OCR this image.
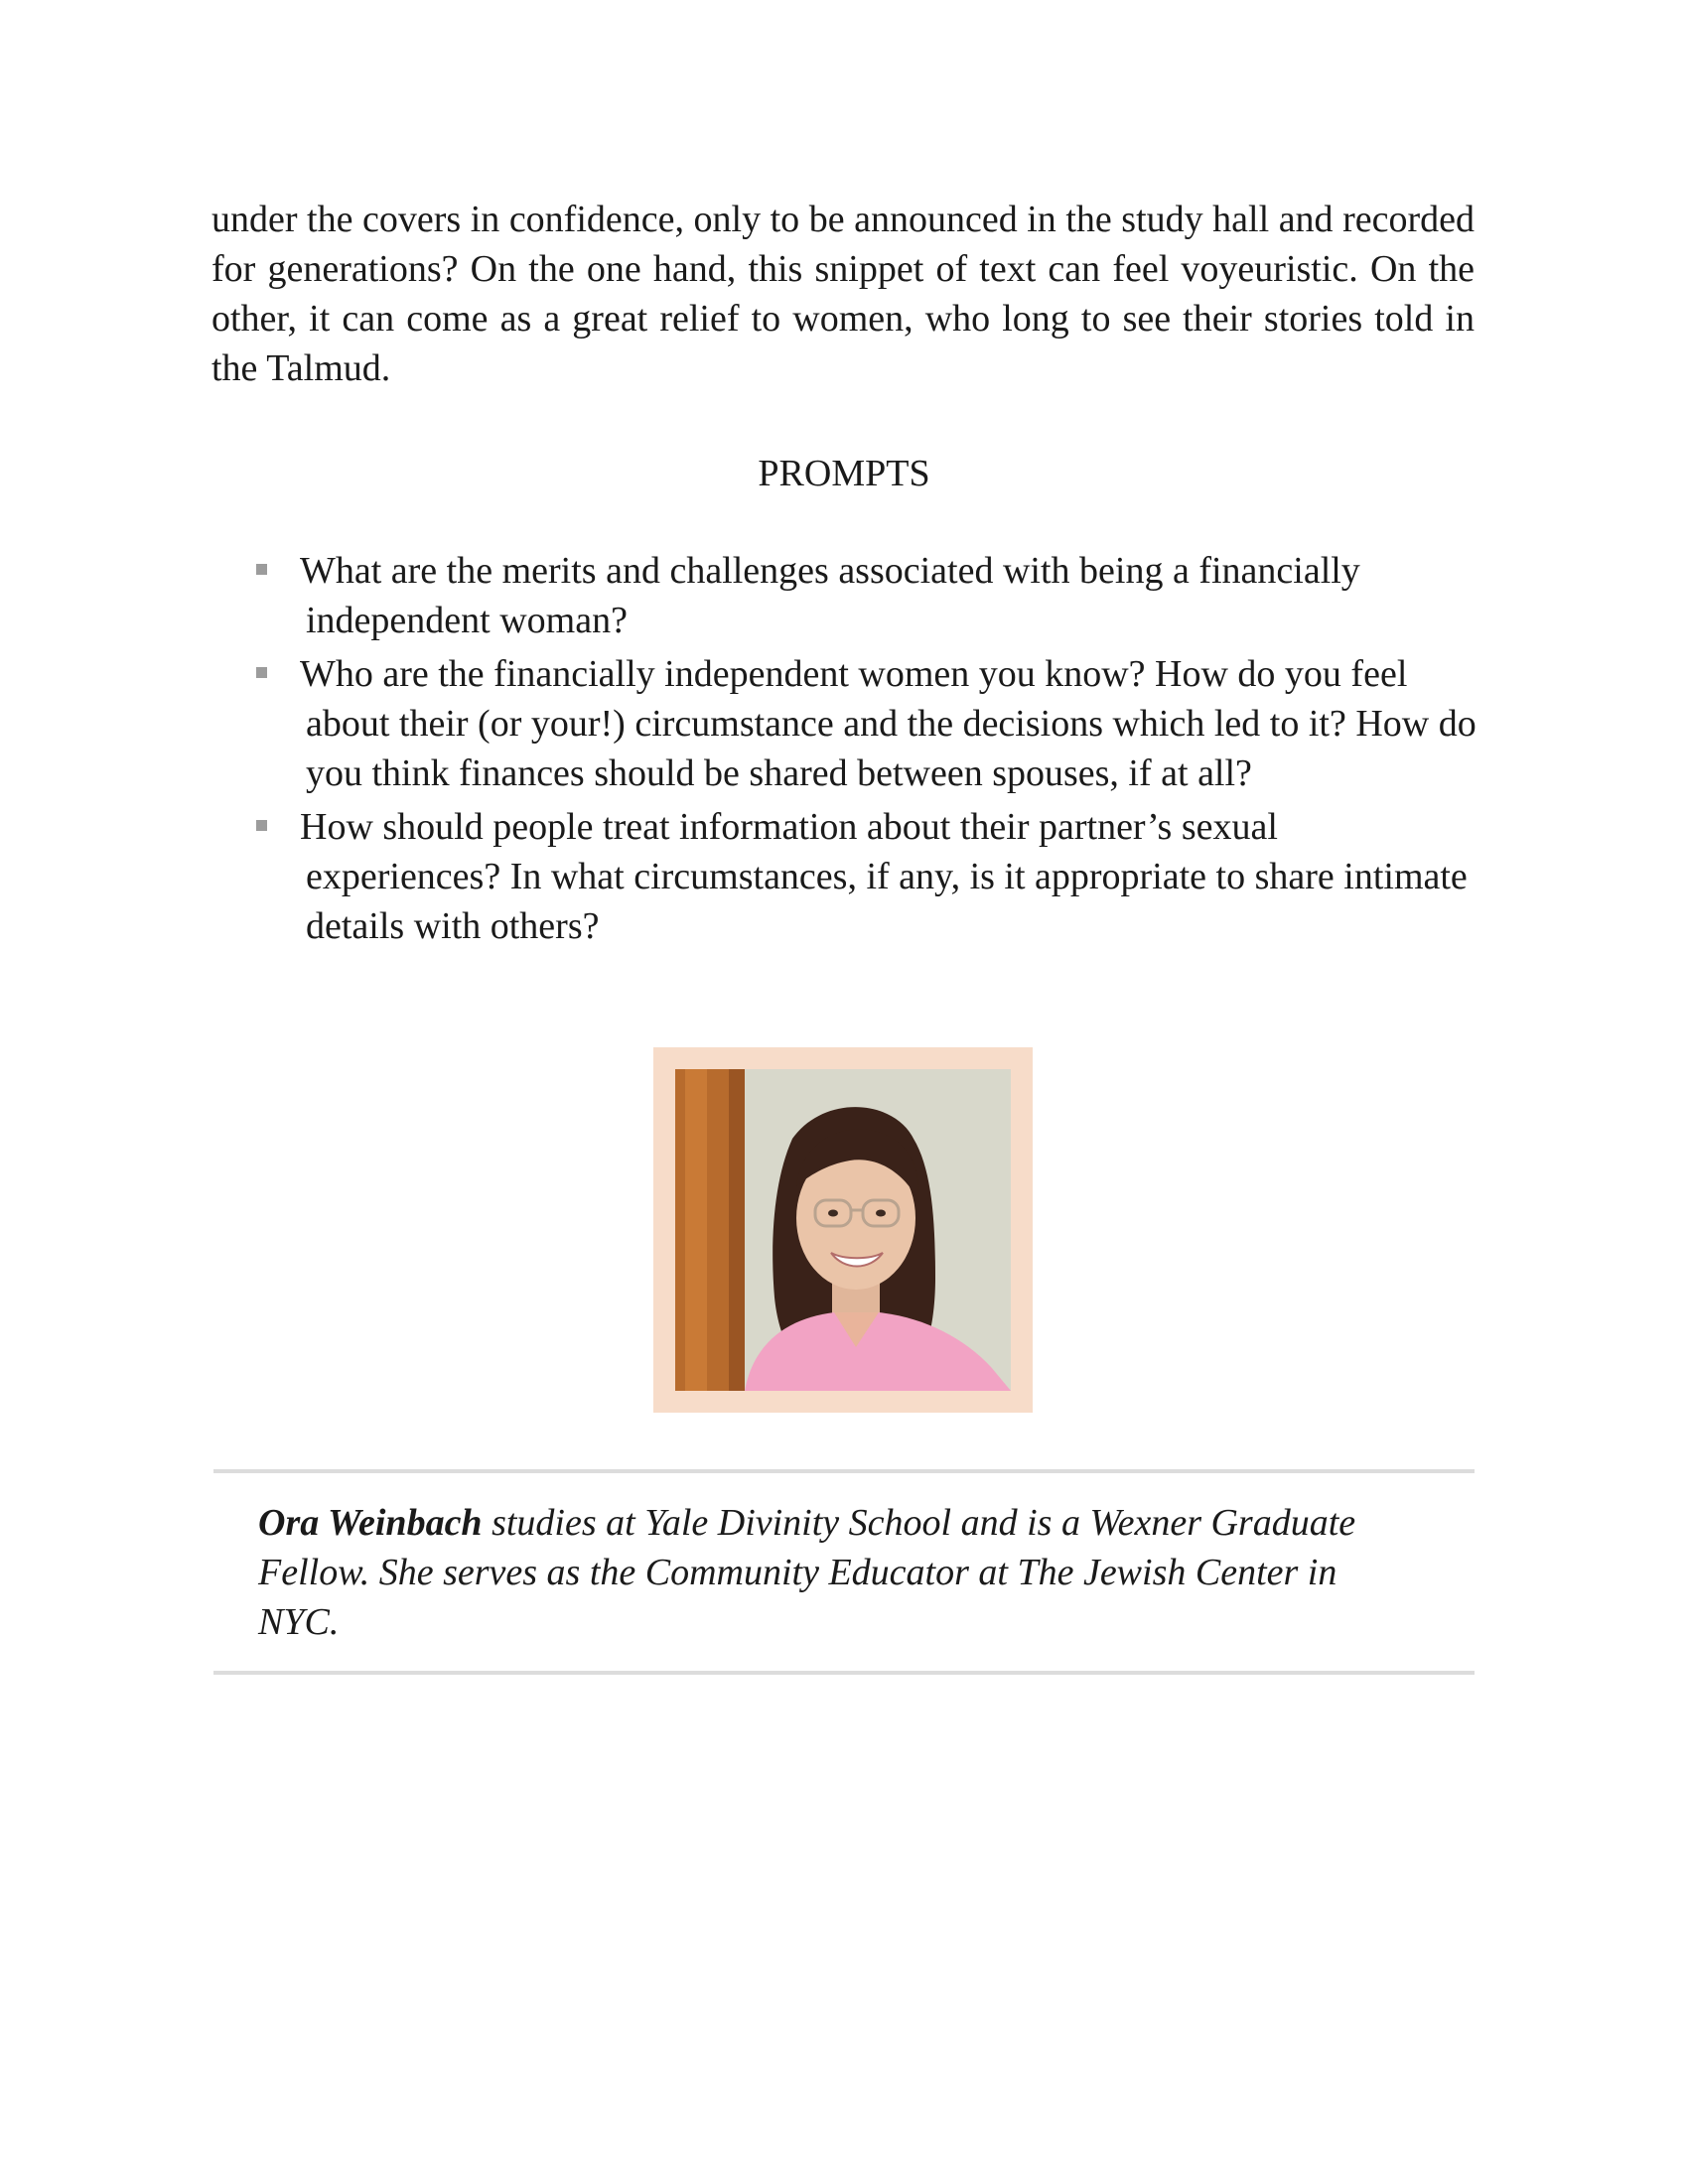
under the covers in confidence, only to be announced in the study hall and recorded for generations? On the one hand, this snippet of text can feel voyeuristic. On the other, it can come as a great relief to women, who long to see their stories told in the Talmud.

PROMPTS
What are the merits and challenges associated with being a financially independent woman?
Who are the financially independent women you know? How do you feel about their (or your!) circumstance and the decisions which led to it? How do you think finances should be shared between spouses, if at all?
How should people treat information about their partner’s sexual experiences? In what circumstances, if any, is it appropriate to share intimate details with others?

Ora Weinbach studies at Yale Divinity School and is a Wexner Graduate Fellow. She serves as the Community Educator at The Jewish Center in NYC.
